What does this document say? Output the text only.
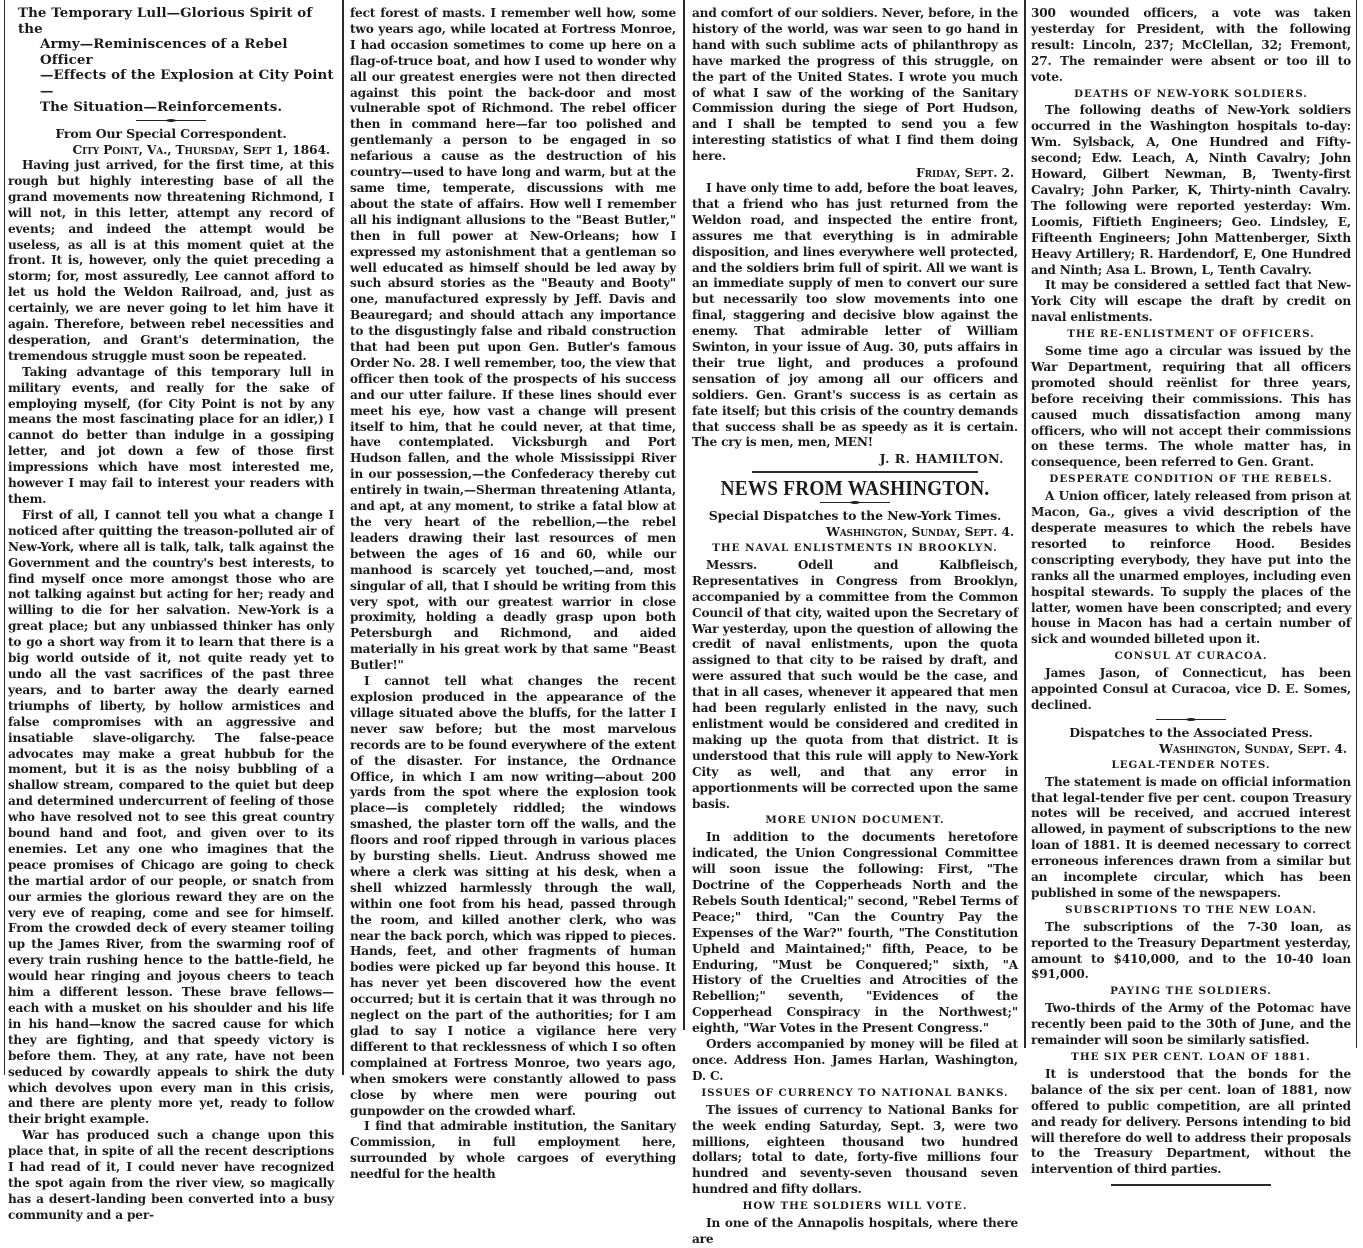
The Temporary Lull—Glorious Spirit of the
Army—Reminiscences of a Rebel Officer
—Effects of the Explosion at City Point—
The Situation—Reinforcements.
From Our Special Correspondent.
City Point, Va., Thursday, Sept 1, 1864.

Having just arrived, for the first time, at this rough but highly interesting base of all the grand movements now threatening Richmond, I will not, in this letter, attempt any record of events; and indeed the attempt would be useless, as all is at this moment quiet at the front. It is, however, only the quiet preceding a storm; for, most assuredly, Lee cannot afford to let us hold the Weldon Railroad, and, just as certainly, we are never going to let him have it again. Therefore, between rebel necessities and desperation, and Grant's determination, the tremendous struggle must soon be repeated.

Taking advantage of this temporary lull in military events, and really for the sake of employing myself, (for City Point is not by any means the most fascinating place for an idler,) I cannot do better than indulge in a gossiping letter, and jot down a few of those first impressions which have most interested me, however I may fail to interest your readers with them.

First of all, I cannot tell you what a change I noticed after quitting the treason-polluted air of New-York, where all is talk, talk, talk against the Government and the country's best interests, to find myself once more amongst those who are not talking against but acting for her; ready and willing to die for her salvation. New-York is a great place; but any unbiassed thinker has only to go a short way from it to learn that there is a big world outside of it, not quite ready yet to undo all the vast sacrifices of the past three years, and to barter away the dearly earned triumphs of liberty, by hollow armistices and false compromises with an aggressive and insatiable slave-oligarchy. The false-peace advocates may make a great hubbub for the moment, but it is as the noisy bubbling of a shallow stream, compared to the quiet but deep and determined undercurrent of feeling of those who have resolved not to see this great country bound hand and foot, and given over to its enemies. Let any one who imagines that the peace promises of Chicago are going to check the martial ardor of our people, or snatch from our armies the glorious reward they are on the very eve of reaping, come and see for himself. From the crowded deck of every steamer toiling up the James River, from the swarming roof of every train rushing hence to the battle-field, he would hear ringing and joyous cheers to teach him a different lesson. These brave fellows—each with a musket on his shoulder and his life in his hand—know the sacred cause for which they are fighting, and that speedy victory is before them. They, at any rate, have not been seduced by cowardly appeals to shirk the duty which devolves upon every man in this crisis, and there are plenty more yet, ready to follow their bright example.

War has produced such a change upon this place that, in spite of all the recent descriptions I had read of it, I could never have recognized the spot again from the river view, so magically has a desert-landing been converted into a busy community and a per-

fect forest of masts. I remember well how, some two years ago, while located at Fortress Monroe, I had occasion sometimes to come up here on a flag-of-truce boat, and how I used to wonder why all our greatest energies were not then directed against this point the back-door and most vulnerable spot of Richmond. The rebel officer then in command here—far too polished and gentlemanly a person to be engaged in so nefarious a cause as the destruction of his country—used to have long and warm, but at the same time, temperate, discussions with me about the state of affairs. How well I remember all his indignant allusions to the "Beast Butler," then in full power at New-Orleans; how I expressed my astonishment that a gentleman so well educated as himself should be led away by such absurd stories as the "Beauty and Booty" one, manufactured expressly by Jeff. Davis and Beauregard; and should attach any importance to the disgustingly false and ribald construction that had been put upon Gen. Butler's famous Order No. 28. I well remember, too, the view that officer then took of the prospects of his success and our utter failure. If these lines should ever meet his eye, how vast a change will present itself to him, that he could never, at that time, have contemplated. Vicksburgh and Port Hudson fallen, and the whole Mississippi River in our possession,—the Confederacy thereby cut entirely in twain,—Sherman threatening Atlanta, and apt, at any moment, to strike a fatal blow at the very heart of the rebellion,—the rebel leaders drawing their last resources of men between the ages of 16 and 60, while our manhood is scarcely yet touched,—and, most singular of all, that I should be writing from this very spot, with our greatest warrior in close proximity, holding a deadly grasp upon both Petersburgh and Richmond, and aided materially in his great work by that same "Beast Butler!"

I cannot tell what changes the recent explosion produced in the appearance of the village situated above the bluffs, for the latter I never saw before; but the most marvelous records are to be found everywhere of the extent of the disaster. For instance, the Ordnance Office, in which I am now writing—about 200 yards from the spot where the explosion took place—is completely riddled; the windows smashed, the plaster torn off the walls, and the floors and roof ripped through in various places by bursting shells. Lieut. Andruss showed me where a clerk was sitting at his desk, when a shell whizzed harmlessly through the wall, within one foot from his head, passed through the room, and killed another clerk, who was near the back porch, which was ripped to pieces. Hands, feet, and other fragments of human bodies were picked up far beyond this house. It has never yet been discovered how the event occurred; but it is certain that it was through no neglect on the part of the authorities; for I am glad to say I notice a vigilance here very different to that recklessness of which I so often complained at Fortress Monroe, two years ago, when smokers were constantly allowed to pass close by where men were pouring out gunpowder on the crowded wharf.

I find that admirable institution, the Sanitary Commission, in full employment here, surrounded by whole cargoes of everything needful for the health

and comfort of our soldiers. Never, before, in the history of the world, was war seen to go hand in hand with such sublime acts of philanthropy as have marked the progress of this struggle, on the part of the United States. I wrote you much of what I saw of the working of the Sanitary Commission during the siege of Port Hudson, and I shall be tempted to send you a few interesting statistics of what I find them doing here.

Friday, Sept. 2.

I have only time to add, before the boat leaves, that a friend who has just returned from the Weldon road, and inspected the entire front, assures me that everything is in admirable disposition, and lines everywhere well protected, and the soldiers brim full of spirit. All we want is an immediate supply of men to convert our sure but necessarily too slow movements into one final, staggering and decisive blow against the enemy. That admirable letter of William Swinton, in your issue of Aug. 30, puts affairs in their true light, and produces a profound sensation of joy among all our officers and soldiers. Gen. Grant's success is as certain as fate itself; but this crisis of the country demands that success shall be as speedy as it is certain. The cry is men, men, MEN!

J. R. HAMILTON.
NEWS FROM WASHINGTON.
Special Dispatches to the New-York Times.
Washington, Sunday, Sept. 4.
THE NAVAL ENLISTMENTS IN BROOKLYN.

Messrs. Odell and Kalbfleisch, Representatives in Congress from Brooklyn, accompanied by a committee from the Common Council of that city, waited upon the Secretary of War yesterday, upon the question of allowing the credit of naval enlistments, upon the quota assigned to that city to be raised by draft, and were assured that such would be the case, and that in all cases, whenever it appeared that men had been regularly enlisted in the navy, such enlistment would be considered and credited in making up the quota from that district. It is understood that this rule will apply to New-York City as well, and that any error in apportionments will be corrected upon the same basis.

MORE UNION DOCUMENT.

In addition to the documents heretofore indicated, the Union Congressional Committee will soon issue the following: First, "The Doctrine of the Copperheads North and the Rebels South Identical;" second, "Rebel Terms of Peace;" third, "Can the Country Pay the Expenses of the War?" fourth, "The Constitution Upheld and Maintained;" fifth, Peace, to be Enduring, "Must be Conquered;" sixth, "A History of the Cruelties and Atrocities of the Rebellion;" seventh, "Evidences of the Copperhead Conspiracy in the Northwest;" eighth, "War Votes in the Present Congress."

Orders accompanied by money will be filed at once. Address Hon. James Harlan, Washington, D. C.

ISSUES OF CURRENCY TO NATIONAL BANKS.

The issues of currency to National Banks for the week ending Saturday, Sept. 3, were two millions, eighteen thousand two hundred dollars; total to date, forty-five millions four hundred and seventy-seven thousand seven hundred and fifty dollars.

HOW THE SOLDIERS WILL VOTE.

In one of the Annapolis hospitals, where there are

300 wounded officers, a vote was taken yesterday for President, with the following result: Lincoln, 237; McClellan, 32; Fremont, 27. The remainder were absent or too ill to vote.

DEATHS OF NEW-YORK SOLDIERS.

The following deaths of New-York soldiers occurred in the Washington hospitals to-day: Wm. Sylsback, A, One Hundred and Fifty-second; Edw. Leach, A, Ninth Cavalry; John Howard, Gilbert Newman, B, Twenty-first Cavalry; John Parker, K, Thirty-ninth Cavalry. The following were reported yesterday: Wm. Loomis, Fiftieth Engineers; Geo. Lindsley, E, Fifteenth Engineers; John Mattenberger, Sixth Heavy Artillery; R. Hardendorf, E, One Hundred and Ninth; Asa L. Brown, L, Tenth Cavalry.

It may be considered a settled fact that New-York City will escape the draft by credit on naval enlistments.

THE RE-ENLISTMENT OF OFFICERS.

Some time ago a circular was issued by the War Department, requiring that all officers promoted should reënlist for three years, before receiving their commissions. This has caused much dissatisfaction among many officers, who will not accept their commissions on these terms. The whole matter has, in consequence, been referred to Gen. Grant.

DESPERATE CONDITION OF THE REBELS.

A Union officer, lately released from prison at Macon, Ga., gives a vivid description of the desperate measures to which the rebels have resorted to reinforce Hood. Besides conscripting everybody, they have put into the ranks all the unarmed employes, including even hospital stewards. To supply the places of the latter, women have been conscripted; and every house in Macon has had a certain number of sick and wounded billeted upon it.

CONSUL AT CURACOA.

James Jason, of Connecticut, has been appointed Consul at Curacoa, vice D. E. Somes, declined.

Dispatches to the Associated Press.
Washington, Sunday, Sept. 4.
LEGAL-TENDER NOTES.

The statement is made on official information that legal-tender five per cent. coupon Treasury notes will be received, and accrued interest allowed, in payment of subscriptions to the new loan of 1881. It is deemed necessary to correct erroneous inferences drawn from a similar but an incomplete circular, which has been published in some of the newspapers.

SUBSCRIPTIONS TO THE NEW LOAN.

The subscriptions of the 7-30 loan, as reported to the Treasury Department yesterday, amount to $410,000, and to the 10-40 loan $91,000.

PAYING THE SOLDIERS.

Two-thirds of the Army of the Potomac have recently been paid to the 30th of June, and the remainder will soon be similarly satisfied.

THE SIX PER CENT. LOAN OF 1881.

It is understood that the bonds for the balance of the six per cent. loan of 1881, now offered to public competition, are all printed and ready for delivery. Persons intending to bid will therefore do well to address their proposals to the Treasury Department, without the intervention of third parties.
